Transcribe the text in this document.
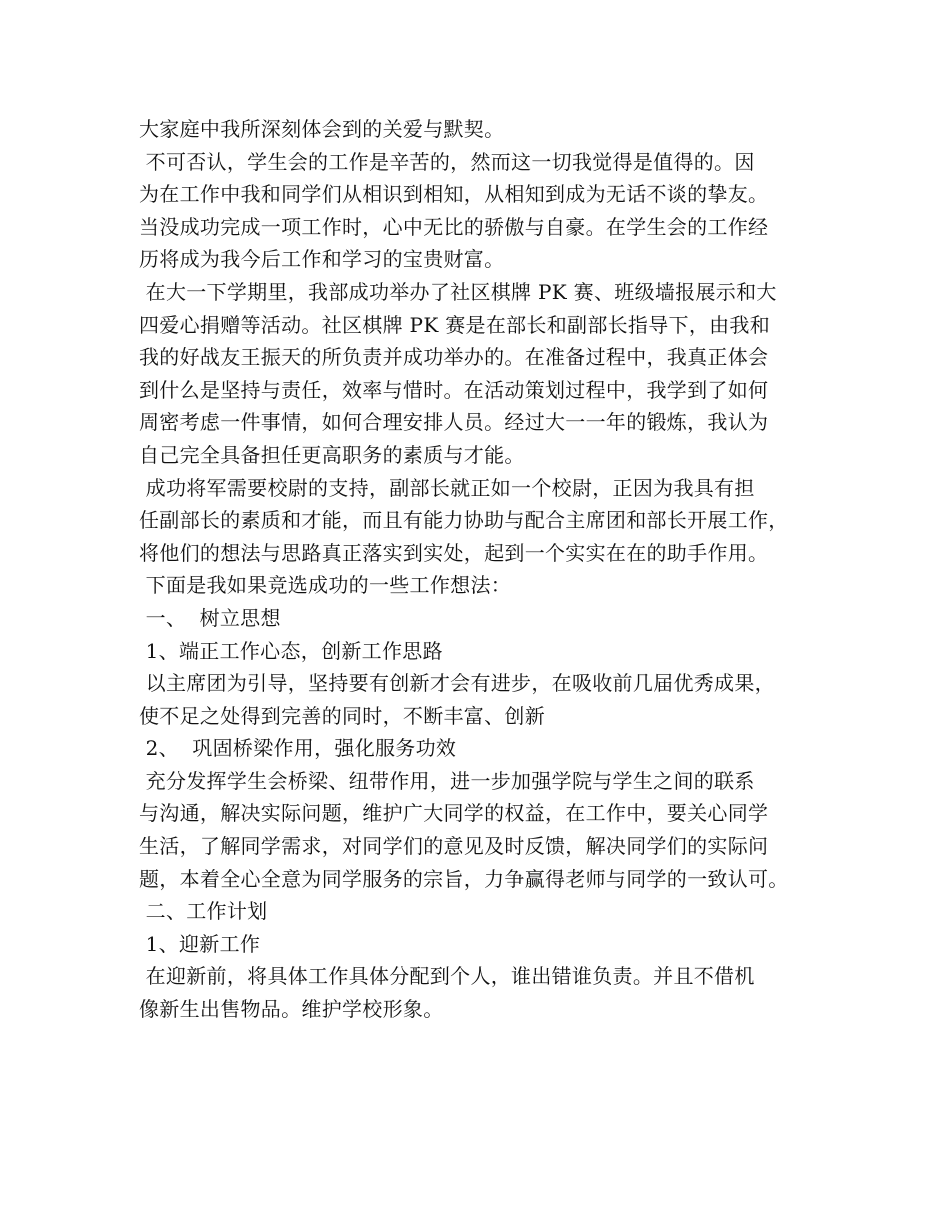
大家庭中我所深刻体会到的关爱与默契。
不可否认，学生会的工作是辛苦的，然而这一切我觉得是值得的。因
为在工作中我和同学们从相识到相知，从相知到成为无话不谈的挚友。
当没成功完成一项工作时，心中无比的骄傲与自豪。在学生会的工作经
历将成为我今后工作和学习的宝贵财富。
在大一下学期里，我部成功举办了社区棋牌 PK 赛、班级墙报展示和大
四爱心捐赠等活动。社区棋牌 PK 赛是在部长和副部长指导下，由我和
我的好战友王振天的所负责并成功举办的。在准备过程中，我真正体会
到什么是坚持与责任，效率与惜时。在活动策划过程中，我学到了如何
周密考虑一件事情，如何合理安排人员。经过大一一年的锻炼，我认为
自己完全具备担任更高职务的素质与才能。
成功将军需要校尉的支持，副部长就正如一个校尉，正因为我具有担
任副部长的素质和才能，而且有能力协助与配合主席团和部长开展工作，
将他们的想法与思路真正落实到实处，起到一个实实在在的助手作用。
下面是我如果竞选成功的一些工作想法：
一、  树立思想
1、端正工作心态，创新工作思路
以主席团为引导，坚持要有创新才会有进步，在吸收前几届优秀成果，
使不足之处得到完善的同时，不断丰富、创新
2、  巩固桥梁作用，强化服务功效
充分发挥学生会桥梁、纽带作用，进一步加强学院与学生之间的联系
与沟通，解决实际问题，维护广大同学的权益，在工作中，要关心同学
生活，了解同学需求，对同学们的意见及时反馈，解决同学们的实际问
题，本着全心全意为同学服务的宗旨，力争赢得老师与同学的一致认可。
二、工作计划
1、迎新工作
在迎新前，将具体工作具体分配到个人，谁出错谁负责。并且不借机
像新生出售物品。维护学校形象。
